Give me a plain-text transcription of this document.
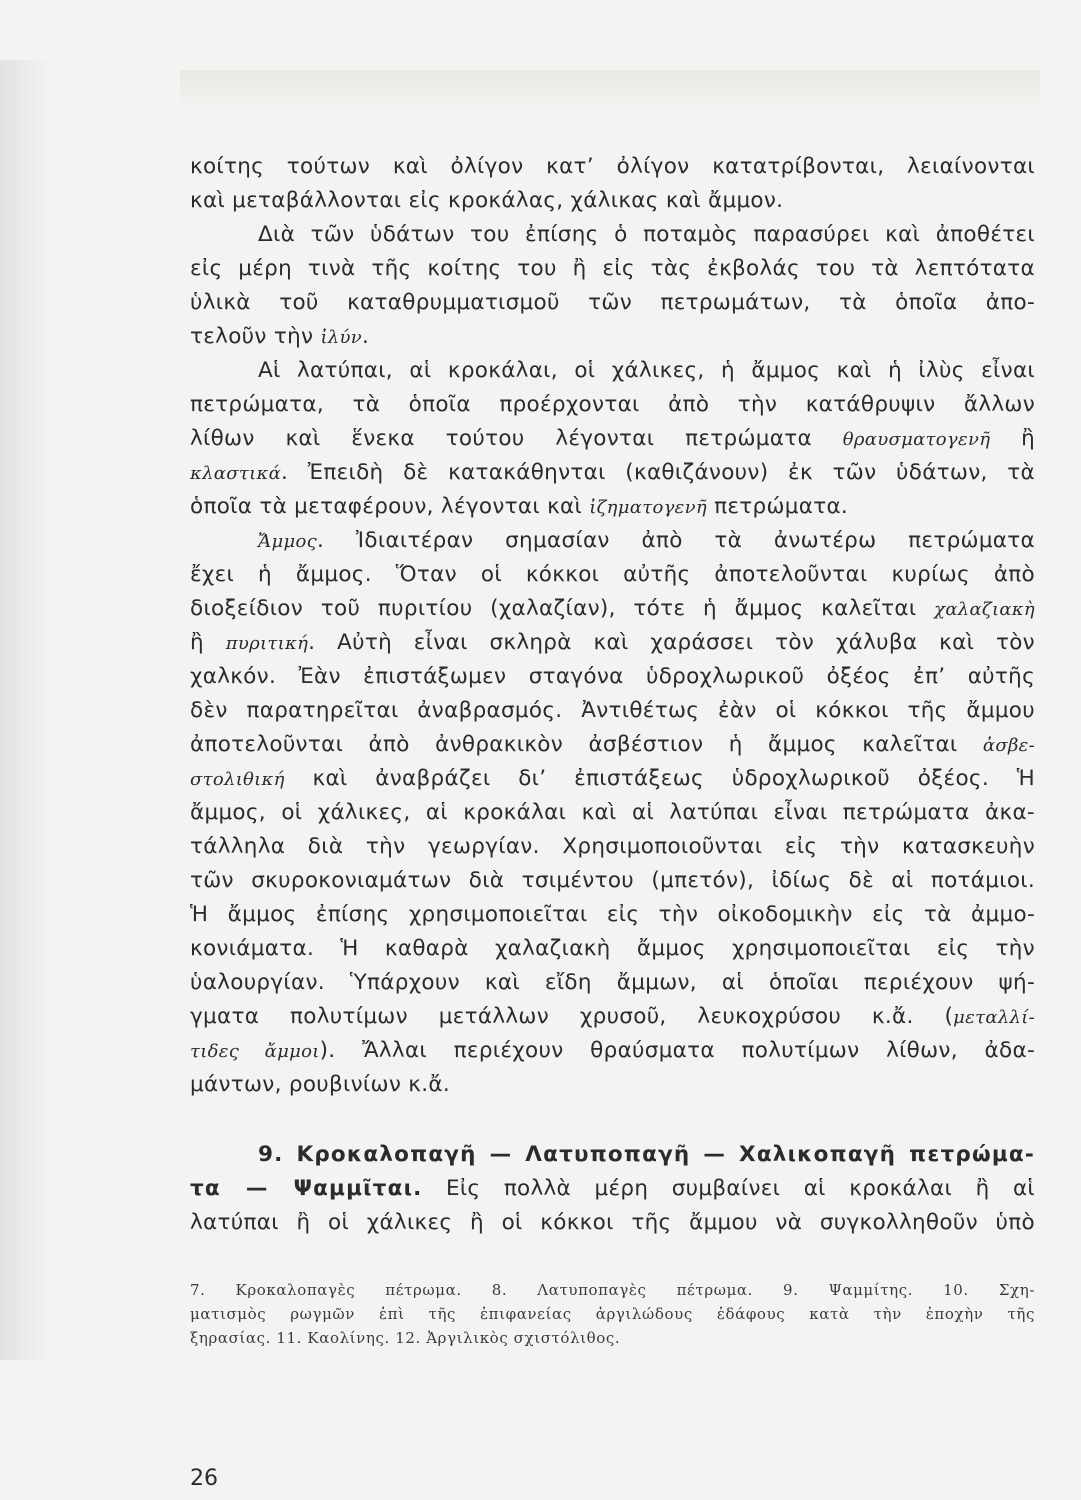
κοίτης τούτων καὶ ὀλίγον κατ’ ὀλίγον κατατρίβονται, λειαίνονται
καὶ μεταβάλλονται εἰς κροκάλας, χάλικας καὶ ἄμμον.
Διὰ τῶν ὑδάτων του ἐπίσης ὁ ποταμὸς παρασύρει καὶ ἀποθέτει
εἰς μέρη τινὰ τῆς κοίτης του ἢ εἰς τὰς ἐκβολάς του τὰ λεπτότατα
ὑλικὰ τοῦ καταθρυμματισμοῦ τῶν πετρωμάτων, τὰ ὁποῖα ἀπο-
τελοῦν τὴν ἰλύν.
Αἱ λατύπαι, αἱ κροκάλαι, οἱ χάλικες, ἡ ἄμμος καὶ ἡ ἰλὺς εἶναι
πετρώματα, τὰ ὁποῖα προέρχονται ἀπὸ τὴν κατάθρυψιν ἄλλων
λίθων καὶ ἕνεκα τούτου λέγονται πετρώματα θραυσματογενῆ ἢ
κλαστικά. Ἐπειδὴ δὲ κατακάθηνται (καθιζάνουν) ἐκ τῶν ὑδάτων, τὰ
ὁποῖα τὰ μεταφέρουν, λέγονται καὶ ἰζηματογενῆ πετρώματα.
Ἄμμος. Ἰδιαιτέραν σημασίαν ἀπὸ τὰ ἀνωτέρω πετρώματα
ἔχει ἡ ἄμμος. Ὅταν οἱ κόκκοι αὐτῆς ἀποτελοῦνται κυρίως ἀπὸ
διοξείδιον τοῦ πυριτίου (χαλαζίαν), τότε ἡ ἄμμος καλεῖται χαλαζιακὴ
ἢ πυριτική. Αὐτὴ εἶναι σκληρὰ καὶ χαράσσει τὸν χάλυβα καὶ τὸν
χαλκόν. Ἐὰν ἐπιστάξωμεν σταγόνα ὑδροχλωρικοῦ ὀξέος ἐπ’ αὐτῆς
δὲν παρατηρεῖται ἀναβρασμός. Ἀντιθέτως ἐὰν οἱ κόκκοι τῆς ἄμμου
ἀποτελοῦνται ἀπὸ ἀνθρακικὸν ἀσβέστιον ἡ ἄμμος καλεῖται ἀσβε-
στολιθική καὶ ἀναβράζει δι’ ἐπιστάξεως ὑδροχλωρικοῦ ὀξέος. Ἡ
ἄμμος, οἱ χάλικες, αἱ κροκάλαι καὶ αἱ λατύπαι εἶναι πετρώματα ἀκα-
τάλληλα διὰ τὴν γεωργίαν. Χρησιμοποιοῦνται εἰς τὴν κατασκευὴν
τῶν σκυροκονιαμάτων διὰ τσιμέντου (μπετόν), ἰδίως δὲ αἱ ποτάμιοι.
Ἡ ἄμμος ἐπίσης χρησιμοποιεῖται εἰς τὴν οἰκοδομικὴν εἰς τὰ ἀμμο-
κονιάματα. Ἡ καθαρὰ χαλαζιακὴ ἄμμος χρησιμοποιεῖται εἰς τὴν
ὑαλουργίαν. Ὑπάρχουν καὶ εἴδη ἄμμων, αἱ ὁποῖαι περιέχουν ψή-
γματα πολυτίμων μετάλλων χρυσοῦ, λευκοχρύσου κ.ἄ. (μεταλλί-
τιδες ἄμμοι). Ἄλλαι περιέχουν θραύσματα πολυτίμων λίθων, ἀδα-
μάντων, ρουβινίων κ.ἄ.
9. Κροκαλοπαγῆ — Λατυποπαγῆ — Χαλικοπαγῆ πετρώμα-
τα — Ψαμμῖται. Εἰς πολλὰ μέρη συμβαίνει αἱ κροκάλαι ἢ αἱ
λατύπαι ἢ οἱ χάλικες ἢ οἱ κόκκοι τῆς ἄμμου νὰ συγκολληθοῦν ὑπὸ
7. Κροκαλοπαγὲς πέτρωμα. 8. Λατυποπαγὲς πέτρωμα. 9. Ψαμμίτης. 10. Σχη-
ματισμὸς ρωγμῶν ἐπὶ τῆς ἐπιφανείας ἀργιλώδους ἐδάφους κατὰ τὴν ἐποχὴν τῆς
ξηρασίας. 11. Καολίνης. 12. Ἀργιλικὸς σχιστόλιθος.
26
